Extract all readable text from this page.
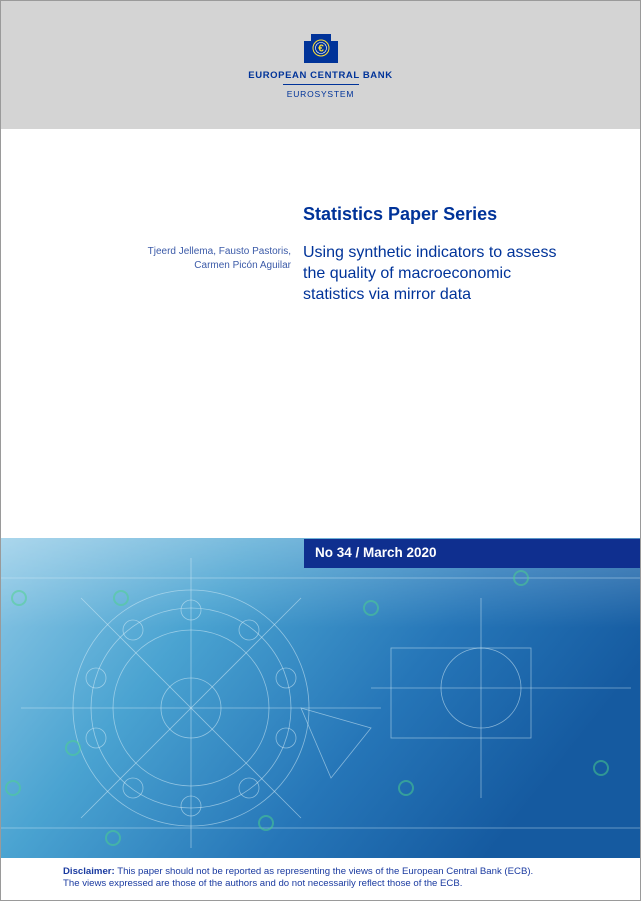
€
EUROPEAN CENTRAL BANK
EUROSYSTEM
Statistics Paper Series
Tjeerd Jellema, Fausto Pastoris,
Carmen Picón Aguilar
Using synthetic indicators to assess
the quality of macroeconomic
statistics via mirror data
No 34 / March 2020
Disclaimer: This paper should not be reported as representing the views of the European Central Bank (ECB).
The views expressed are those of the authors and do not necessarily reflect those of the ECB.
